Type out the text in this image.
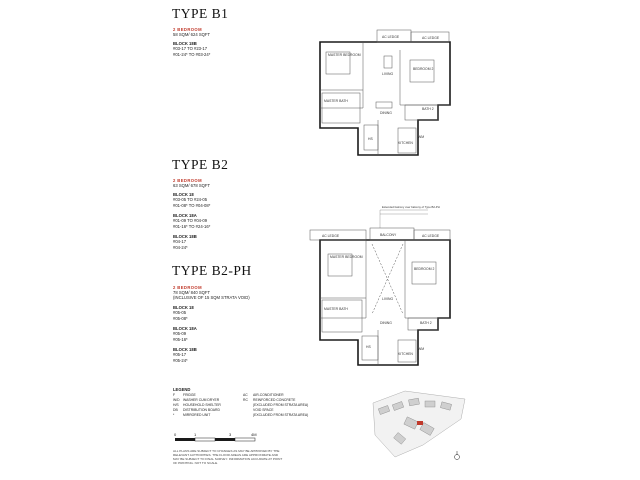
TYPE B1
2 BEDROOM
58 SQM/ 624 SQFT
BLOCK 18B
#03-17 TO #23-17
#01-24* TO #03-24*
TYPE B2
2 BEDROOM
63 SQM/ 678 SQFT
BLOCK 18
#03-05 TO #24-05
#01-08* TO #04-08*
BLOCK 18A
#01-09 TO #04-09
#01-16* TO #24-16*
BLOCK 18B
#04-17
#04-24*
TYPE B2-PH
2 BEDROOM
78 SQM/ 840 SQFT
(INCLUSIVE OF 15 SQM STRATA VOID)
BLOCK 18
#05-05
#05-08*
BLOCK 18A
#05-09
#05-16*
BLOCK 18B
#05-17
#05-24*
AC LEDGE	AC LEDGE
MASTER BEDROOM
BEDROOM 2
LIVING
DINING
MASTER BATH
BATH 2
KITCHEN
HS	WM
AC LEDGE	BALCONY	AC LEDGE
MASTER BEDROOM
BEDROOM 2
LIVING
DINING
MASTER BATH
BATH 2
KITCHEN
HS	WM
Extended balcony over balcony of Type B2-PH
LEGEND
F	FRIDGE	AC	AIR-CONDITIONER
W/D	WASHER CUM DRYER	RC	REINFORCED CONCRETE
H/S	HOUSEHOLD SHELTER	(EXCLUDED FROM STRATA AREA)
DB	DISTRIBUTION BOARD	VOID SPACE
*	MIRRORED UNIT	(EXCLUDED FROM STRATA AREA)
0	1	3	4M
ALL PLANS ARE SUBJECT TO CHANGES AS MAY BE APPROVED BY THE RELEVANT AUTHORITIES. THE FLOOR AREAS ARE APPROXIMATE AND MAY BE SUBJECT TO FINAL SURVEY. INFORMATION ACCURATE AT POINT OF PRINTING. NOT TO SCALE.
